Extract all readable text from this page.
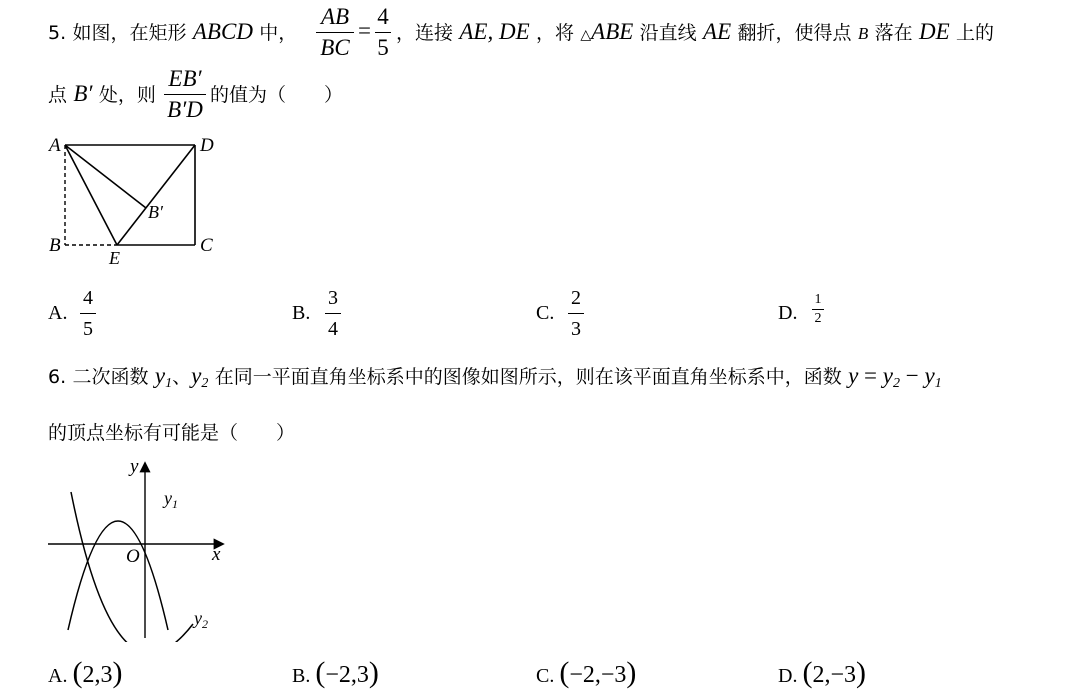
5. 如图，在矩形 ABCD 中，
AB
BC
=
4
5
，连接 AE, DE ，将 △ABE 沿直线 AE 翻折，使得点 B 落在 DE 上的
点 B′ 处，则
EB′
B′D
的值为（　　）
A	D
B	C
E
B′
A.
4
5
B.
3
4
C.
2
3
D.
1
2
6. 二次函数 $y_1$、$y_2$ 在同一平面直角坐标系中的图像如图所示，则在该平面直角坐标系中，函数 $y = y_2 - y_1$
的顶点坐标有可能是（　　）
y
x
O
$y_1$
$y_2$
A. (2,3)	B. (−2,3)	C. (−2,−3)	D. (2,−3)
